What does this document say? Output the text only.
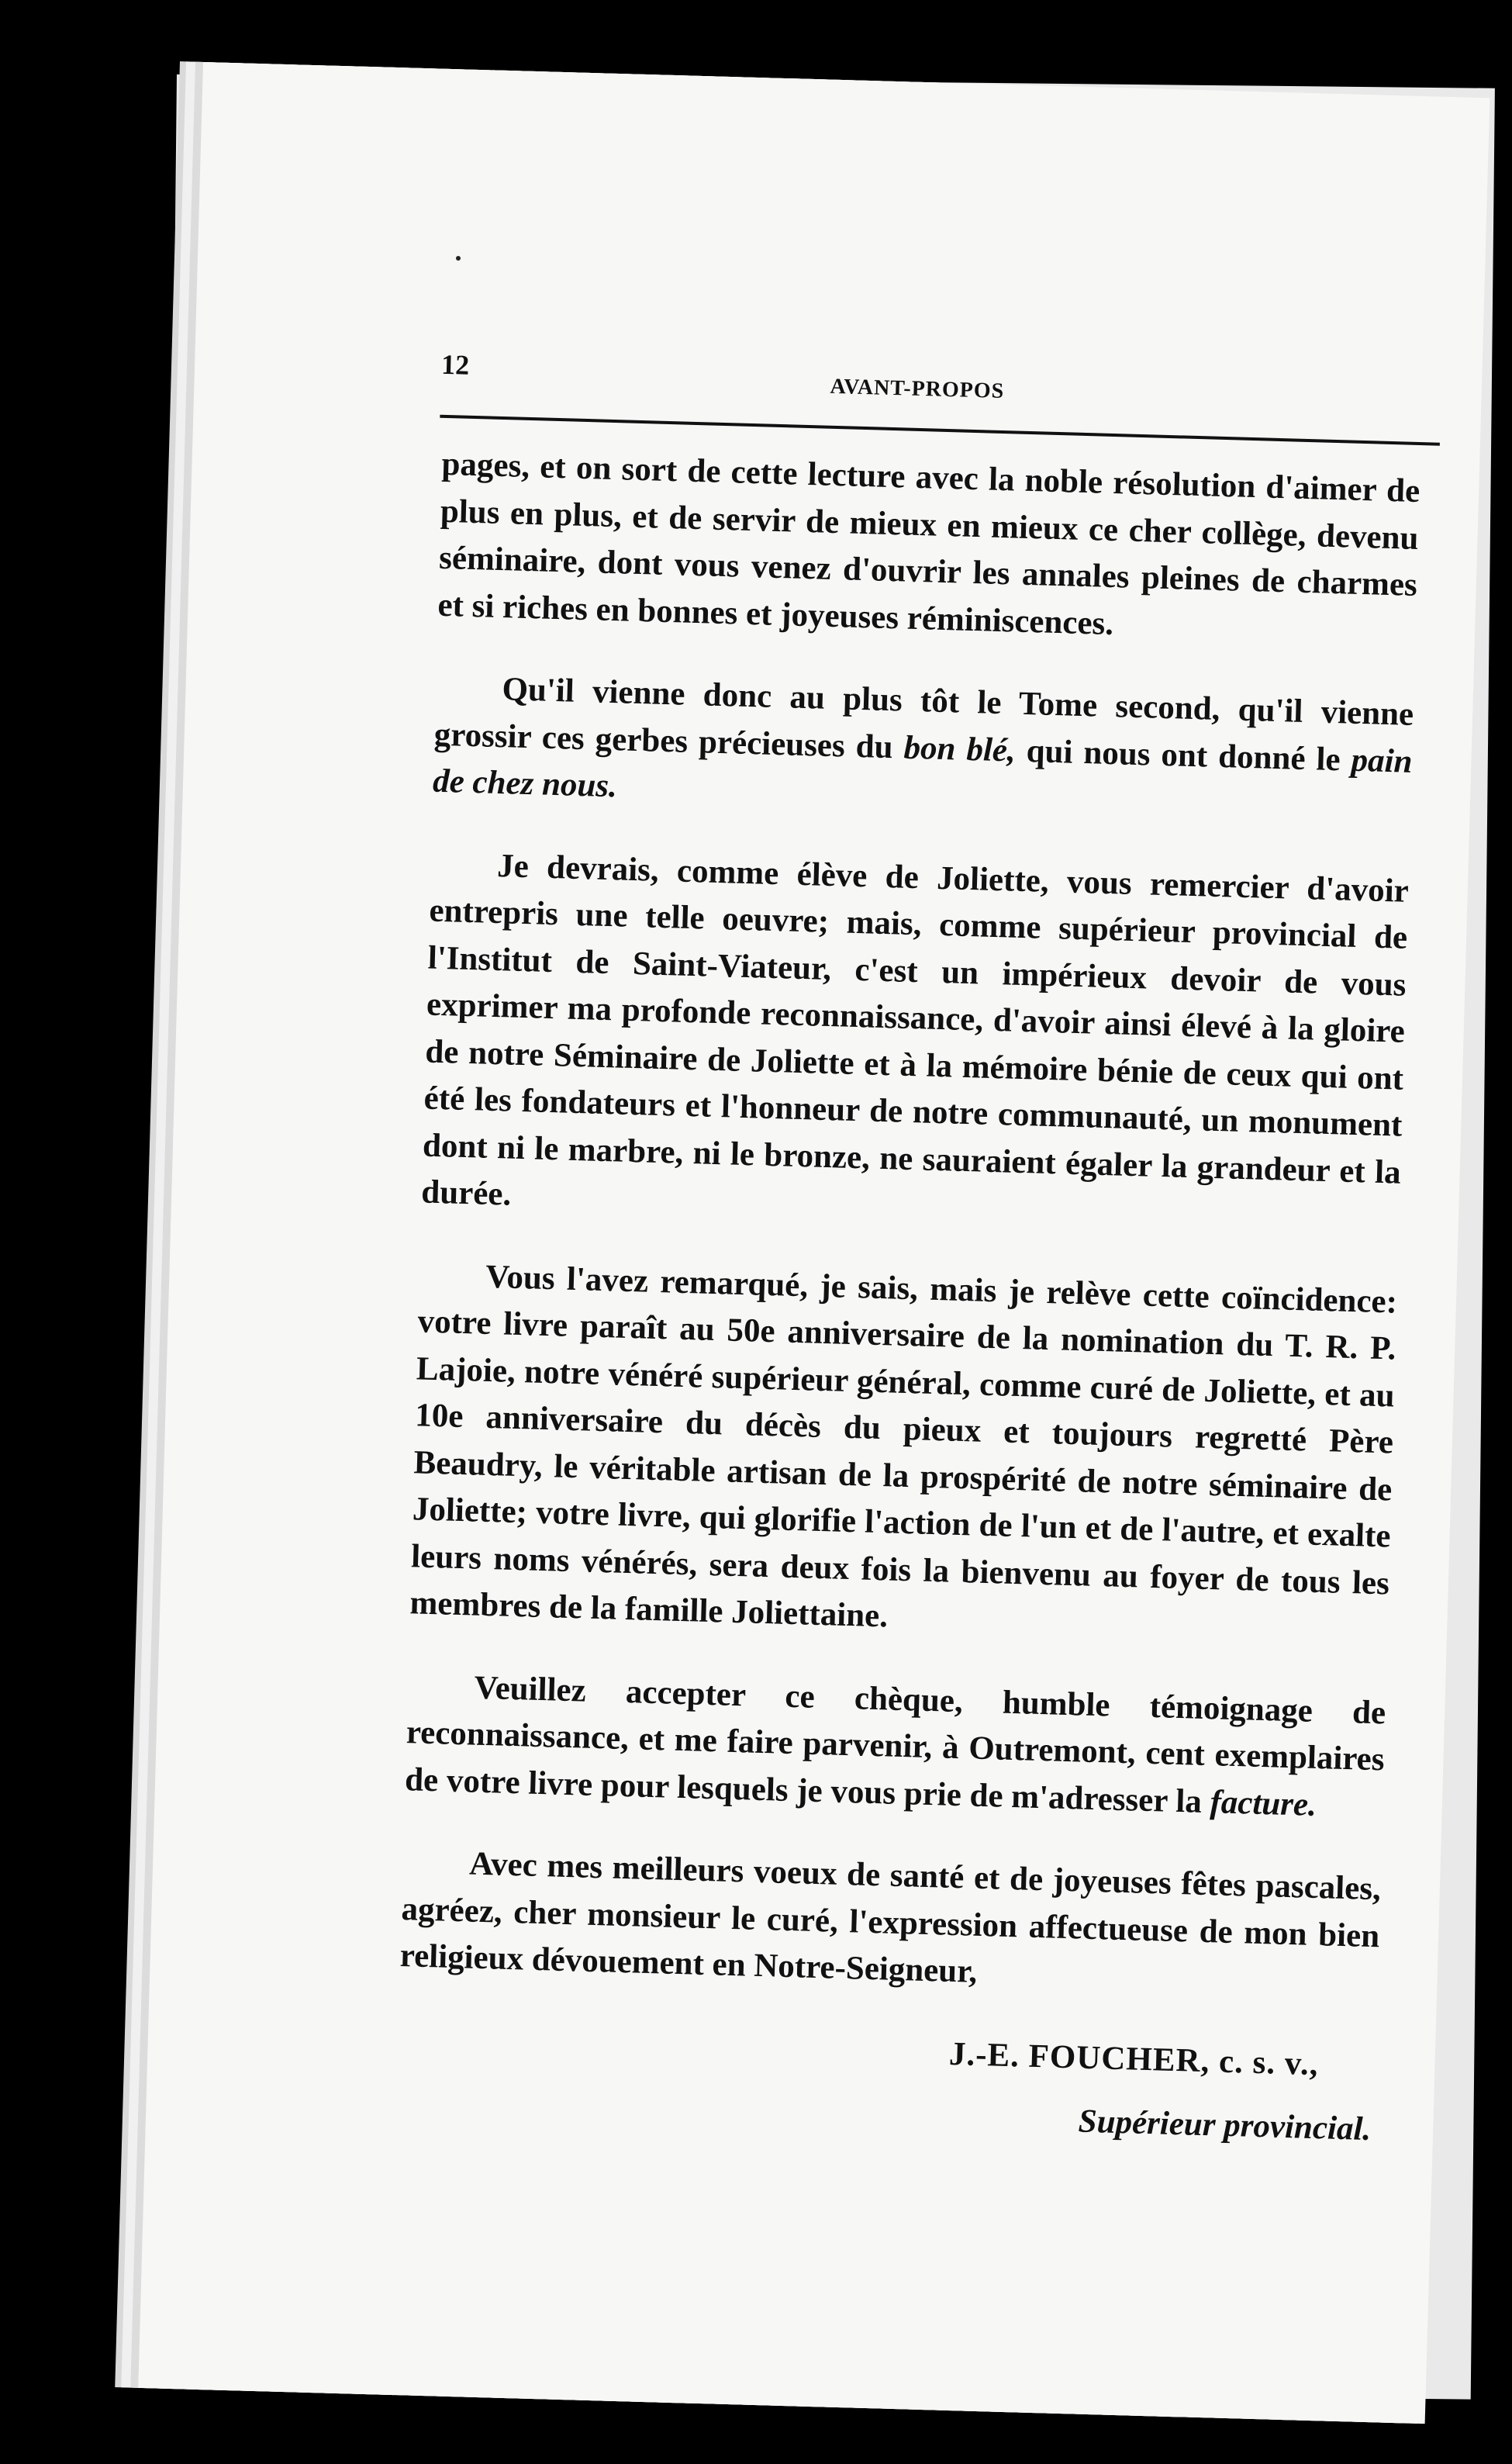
12
AVANT-PROPOS

pages, et on sort de cette lecture avec la noble résolution d'aimer de plus en plus, et de servir de mieux en mieux ce cher collège, devenu séminaire, dont vous venez d'ouvrir les annales pleines de charmes et si riches en bonnes et joyeuses réminiscences.

Qu'il vienne donc au plus tôt le Tome second, qu'il vienne grossir ces gerbes précieuses du bon blé, qui nous ont donné le pain de chez nous.

Je devrais, comme élève de Joliette, vous remercier d'avoir entrepris une telle oeuvre; mais, comme supérieur provincial de l'Institut de Saint-Viateur, c'est un impérieux devoir de vous exprimer ma profonde reconnaissance, d'avoir ainsi élevé à la gloire de notre Séminaire de Joliette et à la mémoire bénie de ceux qui ont été les fondateurs et l'honneur de notre communauté, un monument dont ni le marbre, ni le bronze, ne sauraient égaler la grandeur et la durée.

Vous l'avez remarqué, je sais, mais je relève cette coïncidence: votre livre paraît au 50e anniversaire de la nomination du T. R. P. Lajoie, notre vénéré supérieur général, comme curé de Joliette, et au 10e anniversaire du décès du pieux et toujours regretté Père Beaudry, le véritable artisan de la prospérité de notre séminaire de Joliette; votre livre, qui glorifie l'action de l'un et de l'autre, et exalte leurs noms vénérés, sera deux fois la bienvenu au foyer de tous les membres de la famille Joliettaine.

Veuillez accepter ce chèque, humble témoignage de reconnaissance, et me faire parvenir, à Outremont, cent exemplaires de votre livre pour lesquels je vous prie de m'adresser la facture.

Avec mes meilleurs voeux de santé et de joyeuses fêtes pascales, agréez, cher monsieur le curé, l'expression affectueuse de mon bien religieux dévouement en Notre-Seigneur,

J.-E. FOUCHER, c. s. v.,
Supérieur provincial.
